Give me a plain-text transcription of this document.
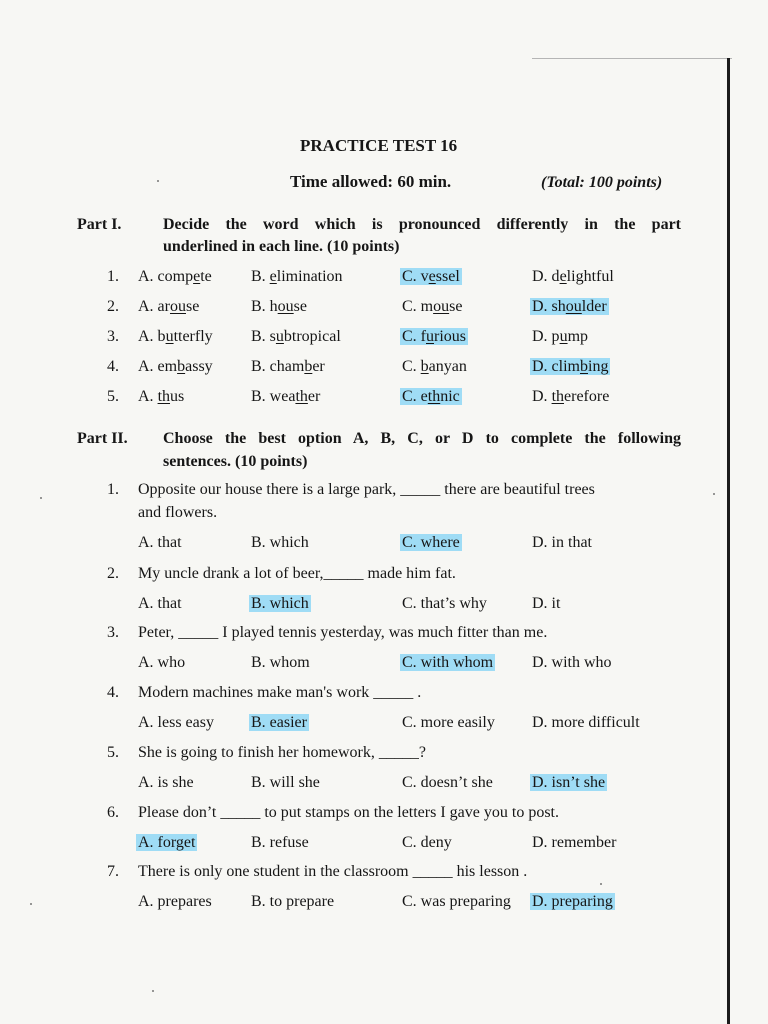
PRACTICE TEST 16
Time allowed: 60 min.	(Total: 100 points)
Part I.	Decide the word which is pronounced differently in the part
underlined in each line. (10 points)
1. A. compete B. elimination	C. vessel	D. delightful
2. A. arouse	B. house	C. mouse	D. shoulder
3. A. butterfly B. subtropical	C. furious	D. pump
4. A. embassy B. chamber	C. banyan	D. climbing
5. A. thus	B. weather	C. ethnic	D. therefore
Part II. Choose the best option A, B, C, or D to complete the following
sentences. (10 points)
1. Opposite our house there is a large park, _____ there are beautiful trees
and flowers.
A. that	B. which	C. where	D. in that
2. My uncle drank a lot of beer,_____ made him fat.
A. that	B. which	C. that’s why	D. it
3. Peter, _____ I played tennis yesterday, was much fitter than me.
A. who	B. whom	C. with whom D. with who
4. Modern machines make man's work _____ .
A. less easy B. easier	C. more easily D. more difficult
5. She is going to finish her homework, _____?
A. is she	B. will she	C. doesn’t she D. isn’t she
6. Please don’t _____ to put stamps on the letters I gave you to post.
A. forget	B. refuse	C. deny	D. remember
7. There is only one student in the classroom _____ his lesson .
A. prepares B. to prepare	C. was preparing D. preparing
